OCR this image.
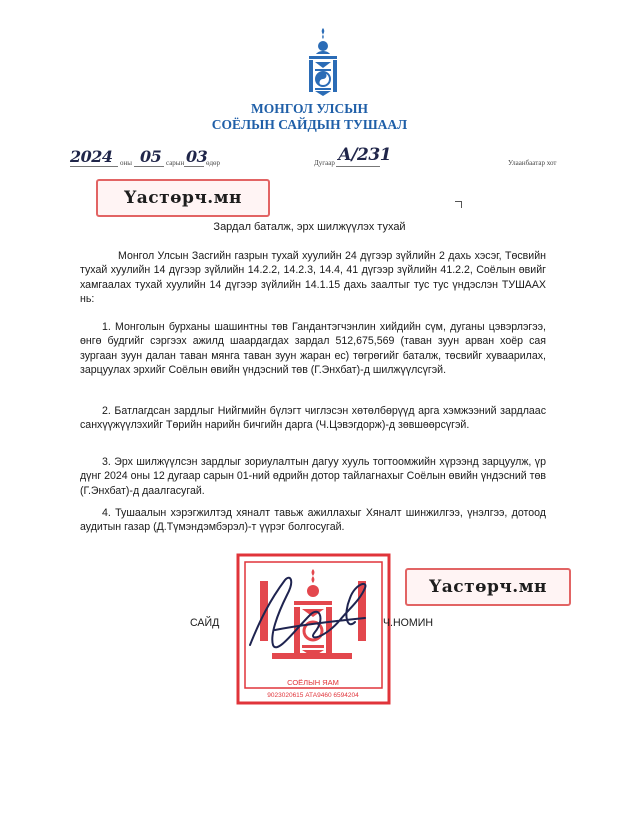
МОНГОЛ УЛСЫН
СОЁЛЫН САЙДЫН ТУШААЛ
2024 оны 05 сарын 03
өдөр	Дугаар А/231	Улаанбаатар хот
Үастөрч.мн
Зардал баталж, эрх шилжүүлэх тухай

Монгол Улсын Засгийн газрын тухай хуулийн 24 дүгээр зүйлийн 2 дахь хэсэг, Төсвийн тухай хуулийн 14 дүгээр зүйлийн 14.2.2, 14.2.3, 14.4, 41 дүгээр зүйлийн 41.2.2, Соёлын өвийг хамгаалах тухай хуулийн 14 дүгээр зүйлийн 14.1.15 дахь заалтыг тус тус үндэслэн ТУШААХ нь:

1. Монголын бурханы шашинтны төв Гандантэгчэнлин хийдийн сүм, дуганы цэвэрлэгээ, өнгө будгийг сэргээх ажилд шаардагдах зардал 512,675,569 (таван зуун арван хоёр сая зургаан зуун далан таван мянга таван зуун жаран ес) төгрөгийг баталж, төсвийг хуваарилах, зарцуулах эрхийг Соёлын өвийн үндэсний төв (Г.Энхбат)-д шилжүүлсүгэй.

2. Батлагдсан зардлыг Нийгмийн бүлэгт чиглэсэн хөтөлбөрүүд арга хэмжээний зардлаас санхүүжүүлэхийг Төрийн нарийн бичгийн дарга (Ч.Цэвэгдорж)-д зөвшөөрсүгэй.

3. Эрх шилжүүлсэн зардлыг зориулалтын дагуу хууль тогтоомжийн хүрээнд зарцуулж, үр дүнг 2024 оны 12 дугаар сарын 01-ний өдрийн дотор тайлагнахыг Соёлын өвийн үндэсний төв (Г.Энхбат)-д даалгасугай.

4. Тушаалын хэрэгжилтэд хяналт тавьж ажиллахыг Хяналт шинжилгээ, үнэлгээ, дотоод аудитын газар (Д.Түмэндэмбэрэл)-т үүрэг болгосугай.

СОЁЛЫН ЯАМ
9023020615 АТА9460 6594204
САЙД	Ч.НОМИН
Үастөрч.мн
